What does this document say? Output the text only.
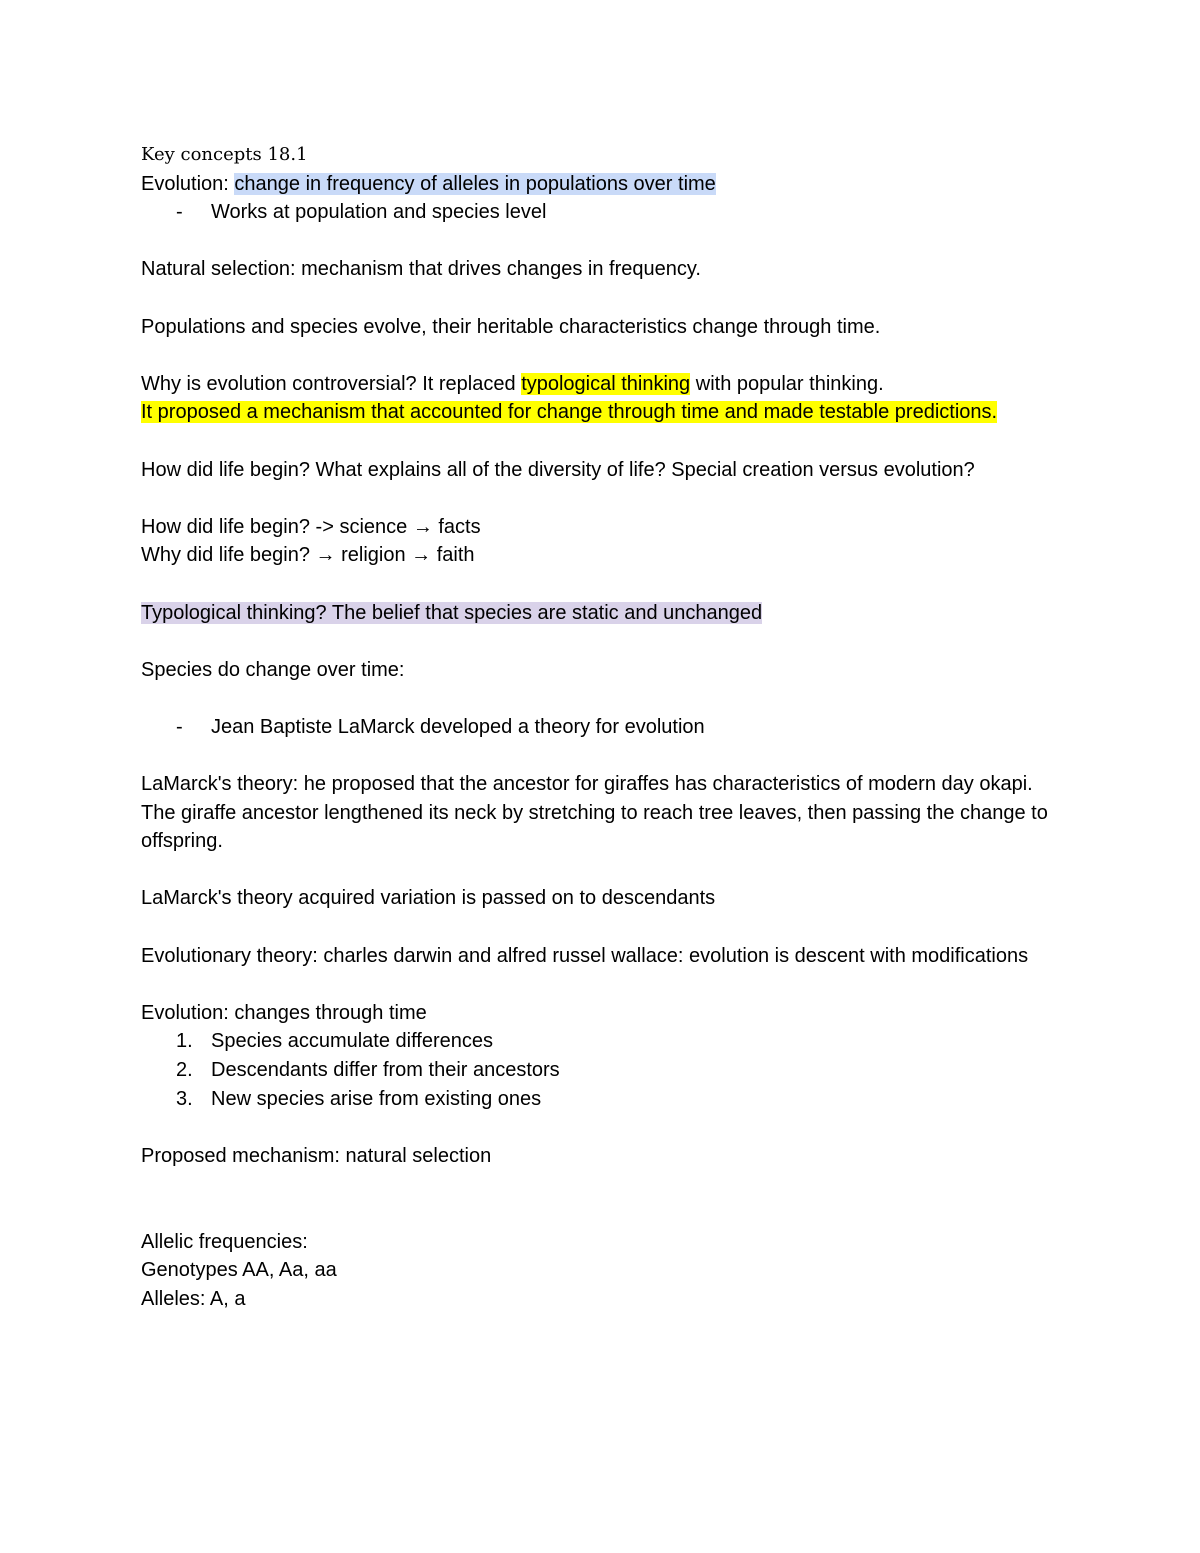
Key concepts 18.1

Evolution: change in frequency of alleles in populations over time

- Works at population and species level

Natural selection: mechanism that drives changes in frequency.

Populations and species evolve, their heritable characteristics change through time.

Why is evolution controversial? It replaced typological thinking with popular thinking.

It proposed a mechanism that accounted for change through time and made testable predictions.

How did life begin? What explains all of the diversity of life? Special creation versus evolution?

How did life begin? -> science → facts

Why did life begin? → religion → faith

Typological thinking? The belief that species are static and unchanged

Species do change over time:

- Jean Baptiste LaMarck developed a theory for evolution

LaMarck's theory: he proposed that the ancestor for giraffes has characteristics of modern day okapi. The giraffe ancestor lengthened its neck by stretching to reach tree leaves, then passing the change to offspring.

LaMarck's theory acquired variation is passed on to descendants

Evolutionary theory: charles darwin and alfred russel wallace: evolution is descent with modifications

Evolution: changes through time

1. Species accumulate differences
2. Descendants differ from their ancestors
3. New species arise from existing ones

Proposed mechanism: natural selection

Allelic frequencies:

Genotypes AA, Aa, aa

Alleles: A, a
